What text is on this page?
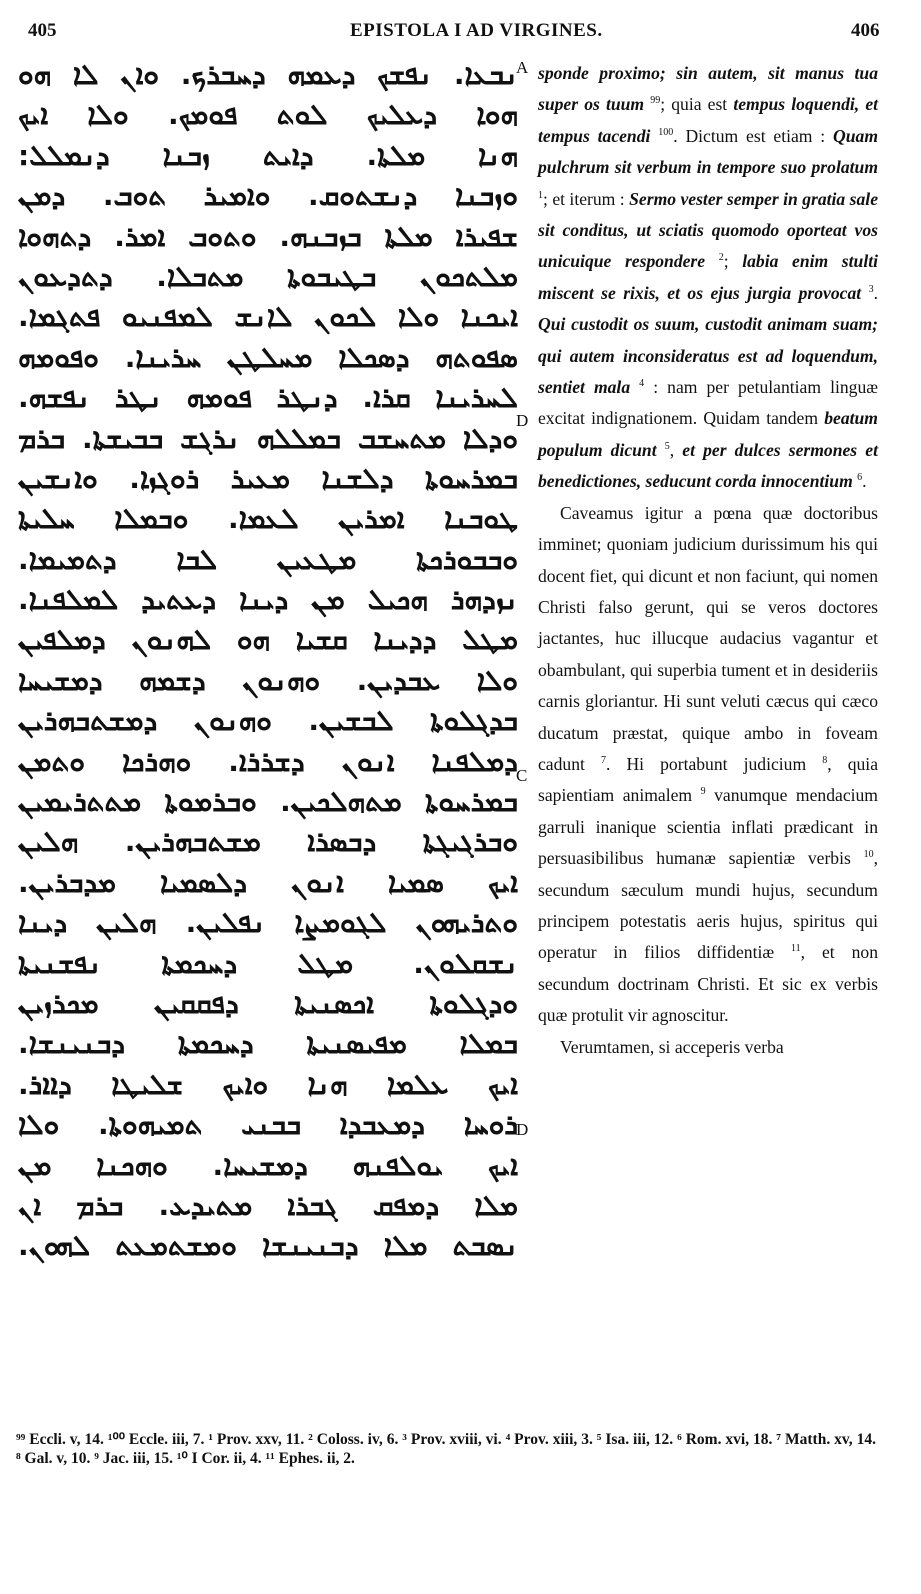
405	EPISTOLA I AD VIRGINES.	406
ܢܒܥܐ. ܢܦܫܟ ܕܥܡܗ ܕܚܒܪܟ. ܘܐܢ ܠܐ ܗܘ
ܗܘܐ ܕܥܠܝܟ ܠܘܬ ܦܘܡܟ. ܘܠܐ ܐܝܟ
ܗܢܐ ܡܠܬܐ. ܕܐܝܬ ܙܒܢܐ ܕܢܡܠܠ:
ܘܙܒܢܐ ܕܢܫܬܘܩ. ܘܐܡܝܪ ܬܘܒ. ܕܡܢ
ܫܦܝܪܐ ܡܠܬܐ ܒܙܒܢܗ. ܘܬܘܒ ܐܡܪ. ܕܬܗܘܐ
ܡܠܬܟܘܢ ܒܛܝܒܘܬܐ ܡܬܒܠܐ. ܕܬܕܥܘܢ
ܐܝܟܢܐ ܘܠܐ ܠܟܘܢ ܠܐܢܫ ܠܡܦܢܝܘ ܦܬܓܡܐ.
ܣܦܘܬܗ ܕܣܟܠܐ ܡܚܠܛܢ ܚܪܝܢܐ. ܘܦܘܡܗ
ܠܚܪܝܢܐ ܩܪܐ. ܕܢܛܪ ܦܘܡܗ ܢܛܪ ܢܦܫܗ.
ܘܕܠܐ ܡܬܚܫܒ ܒܡܠܠܗ ܢܪܓܫ ܒܒܝܫܬܐ. ܒܪܡ
ܒܡܪܚܘܬܐ ܕܠܫܢܐ ܡܥܝܪ ܪܘܓܙܐ. ܘܐܢܫܝܢ
ܛܘܒܢܐ ܐܡܪܝܢ ܠܥܡܐ. ܘܒܡܠܐ ܚܠܝܬܐ
ܘܒܒܘܪܟܬܐ ܡܛܥܝܢ ܠܒܐ ܕܬܡܝܡܐ.
ܢܙܕܗܪ ܗܟܝܠ ܡܢ ܕܝܢܐ ܕܥܬܝܕ ܠܡܠܦܢܐ.
ܡܛܠ ܕܕܝܢܐ ܩܫܝܐ ܗܘ ܠܗܢܘܢ ܕܡܠܦܝܢ
ܘܠܐ ܥܒܕܝܢ. ܘܗܢܘܢ ܕܫܡܗ ܕܡܫܝܚܐ
ܒܕܓܠܘܬܐ ܠܒܫܝܢ. ܘܗܢܘܢ ܕܡܫܬܒܗܪܝܢ
ܕܡܠܦܢܐ ܐܢܘܢ ܕܫܪܪܐ. ܘܗܪܟܐ ܘܬܡܢ
ܒܡܪܚܘܬܐ ܡܬܗܠܟܝܢ. ܘܒܪܡܘܬܐ ܡܬܬܪܝܡܝܢ
ܘܒܪܓܝܓܬܐ ܕܒܣܪܐ ܡܫܬܒܗܪܝܢ. ܗܠܝܢ
ܐܝܟ ܣܡܝܐ ܐܢܘܢ ܕܠܣܡܝܐ ܡܕܒܪܝܢ.
ܘܬܪܝܗܘܢ ܠܓܘܡܨܐ ܢܦܠܝܢ. ܗܠܝܢ ܕܝܢܐ
ܢܫܩܠܘܢ. ܡܛܠ ܕܚܟܡܬܐ ܢܦܫܢܝܬܐ
ܘܕܓܠܘܬܐ ܐܟܣܢܝܬܐ ܕܦܩܩܝܢ ܡܟܪܙܝܢ
ܒܡܠܐ ܡܦܝܣܢܝܬܐ ܕܚܟܡܬܐ ܕܒܢܝܢܫܐ.
ܐܝܟ ܥܠܡܐ ܗܢܐ ܘܐܝܟ ܫܠܝܛܐ ܕܐܐܪ.
ܪܘܚܐ ܕܡܥܒܕܐ ܒܒܢܝ ܬܡܝܗܘܬܐ. ܘܠܐ
ܐܝܟ ܝܘܠܦܢܗ ܕܡܫܝܚܐ. ܘܗܟܢܐ ܡܢ
ܡܠܐ ܕܡܦܩ ܓܒܪܐ ܡܬܝܕܥ. ܒܪܡ ܐܢ
ܢܣܒܬ ܡܠܐ ܕܒܢܝܢܫܐ ܘܡܫܬܡܥܬ ܠܗܘܢ.
A
D
C
D

sponde proximo; sin autem, sit manus tua super os tuum $^{99}$; quia est tempus loquendi, et tempus tacendi $^{100}$. Dictum est etiam : Quam pulchrum sit verbum in tempore suo prolatum $^1$; et iterum : Sermo vester semper in gratia sale sit conditus, ut sciatis quomodo oporteat vos unicuique respondere $^2$; labia enim stulti miscent se rixis, et os ejus jurgia provocat $^3$. Qui custodit os suum, custodit animam suam; qui autem inconsideratus est ad loquendum, sentiet mala $^4$ : nam per petulantiam linguæ excitat indignationem. Quidam tandem beatum populum dicunt $^5$, et per dulces sermones et benedictiones, seducunt corda innocentium $^6$.

Caveamus igitur a pœna quæ doctoribus imminet; quoniam judicium durissimum his qui docent fiet, qui dicunt et non faciunt, qui nomen Christi falso gerunt, qui se veros doctores jactantes, huc illucque audacius vagantur et obambulant, qui superbia tument et in desideriis carnis gloriantur. Hi sunt veluti cæcus qui cæco ducatum præstat, quique ambo in foveam cadunt $^7$. Hi portabunt judicium $^8$, quia sapientiam animalem $^9$ vanumque mendacium garruli inanique scientia inflati prædicant in persuasibilibus humanæ sapientiæ verbis $^{10}$, secundum sæculum mundi hujus, secundum principem potestatis aeris hujus, spiritus qui operatur in filios diffidentiæ $^{11}$, et non secundum doctrinam Christi. Et sic ex verbis quæ protulit vir agnoscitur.

Verumtamen, si acceperis verba

⁹⁹ Eccli. v, 14. ¹⁰⁰ Eccle. iii, 7. ¹ Prov. xxv, 11. ² Coloss. iv, 6. ³ Prov. xviii, vi. ⁴ Prov. xiii, 3. ⁵ Isa. iii, 12. ⁶ Rom. xvi, 18. ⁷ Matth. xv, 14. ⁸ Gal. v, 10. ⁹ Jac. iii, 15. ¹⁰ I Cor. ii, 4. ¹¹ Ephes. ii, 2.
